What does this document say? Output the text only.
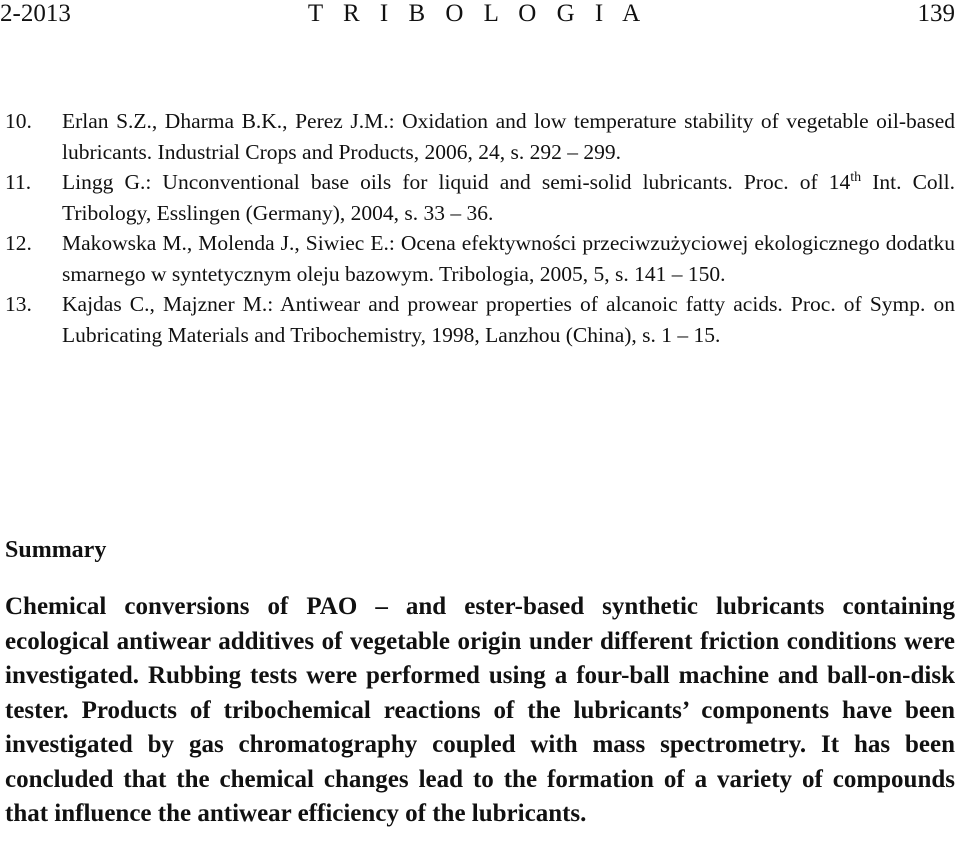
2-2013	T R I B O L O G I A	139
10.	Erlan S.Z., Dharma B.K., Perez J.M.: Oxidation and low temperature stability of vegetable oil-based lubricants. Industrial Crops and Products, 2006, 24, s. 292 – 299.
11.	Lingg G.: Unconventional base oils for liquid and semi-solid lubricants. Proc. of 14th Int. Coll. Tribology, Esslingen (Germany), 2004, s. 33 – 36.
12.	Makowska M., Molenda J., Siwiec E.: Ocena efektywności przeciwzużyciowej ekologicznego dodatku smarnego w syntetycznym oleju bazowym. Tribologia, 2005, 5, s. 141 – 150.
13.	Kajdas C., Majzner M.: Antiwear and prowear properties of alcanoic fatty acids. Proc. of Symp. on Lubricating Materials and Tribochemistry, 1998, Lanzhou (China), s. 1 – 15.
Summary
Chemical conversions of PAO – and ester-based synthetic lubricants containing ecological antiwear additives of vegetable origin under different friction conditions were investigated. Rubbing tests were performed using a four-ball machine and ball-on-disk tester. Products of tribochemical reactions of the lubricants’ components have been investigated by gas chromatography coupled with mass spectrometry. It has been concluded that the chemical changes lead to the formation of a variety of compounds that influence the antiwear efficiency of the lubricants.
